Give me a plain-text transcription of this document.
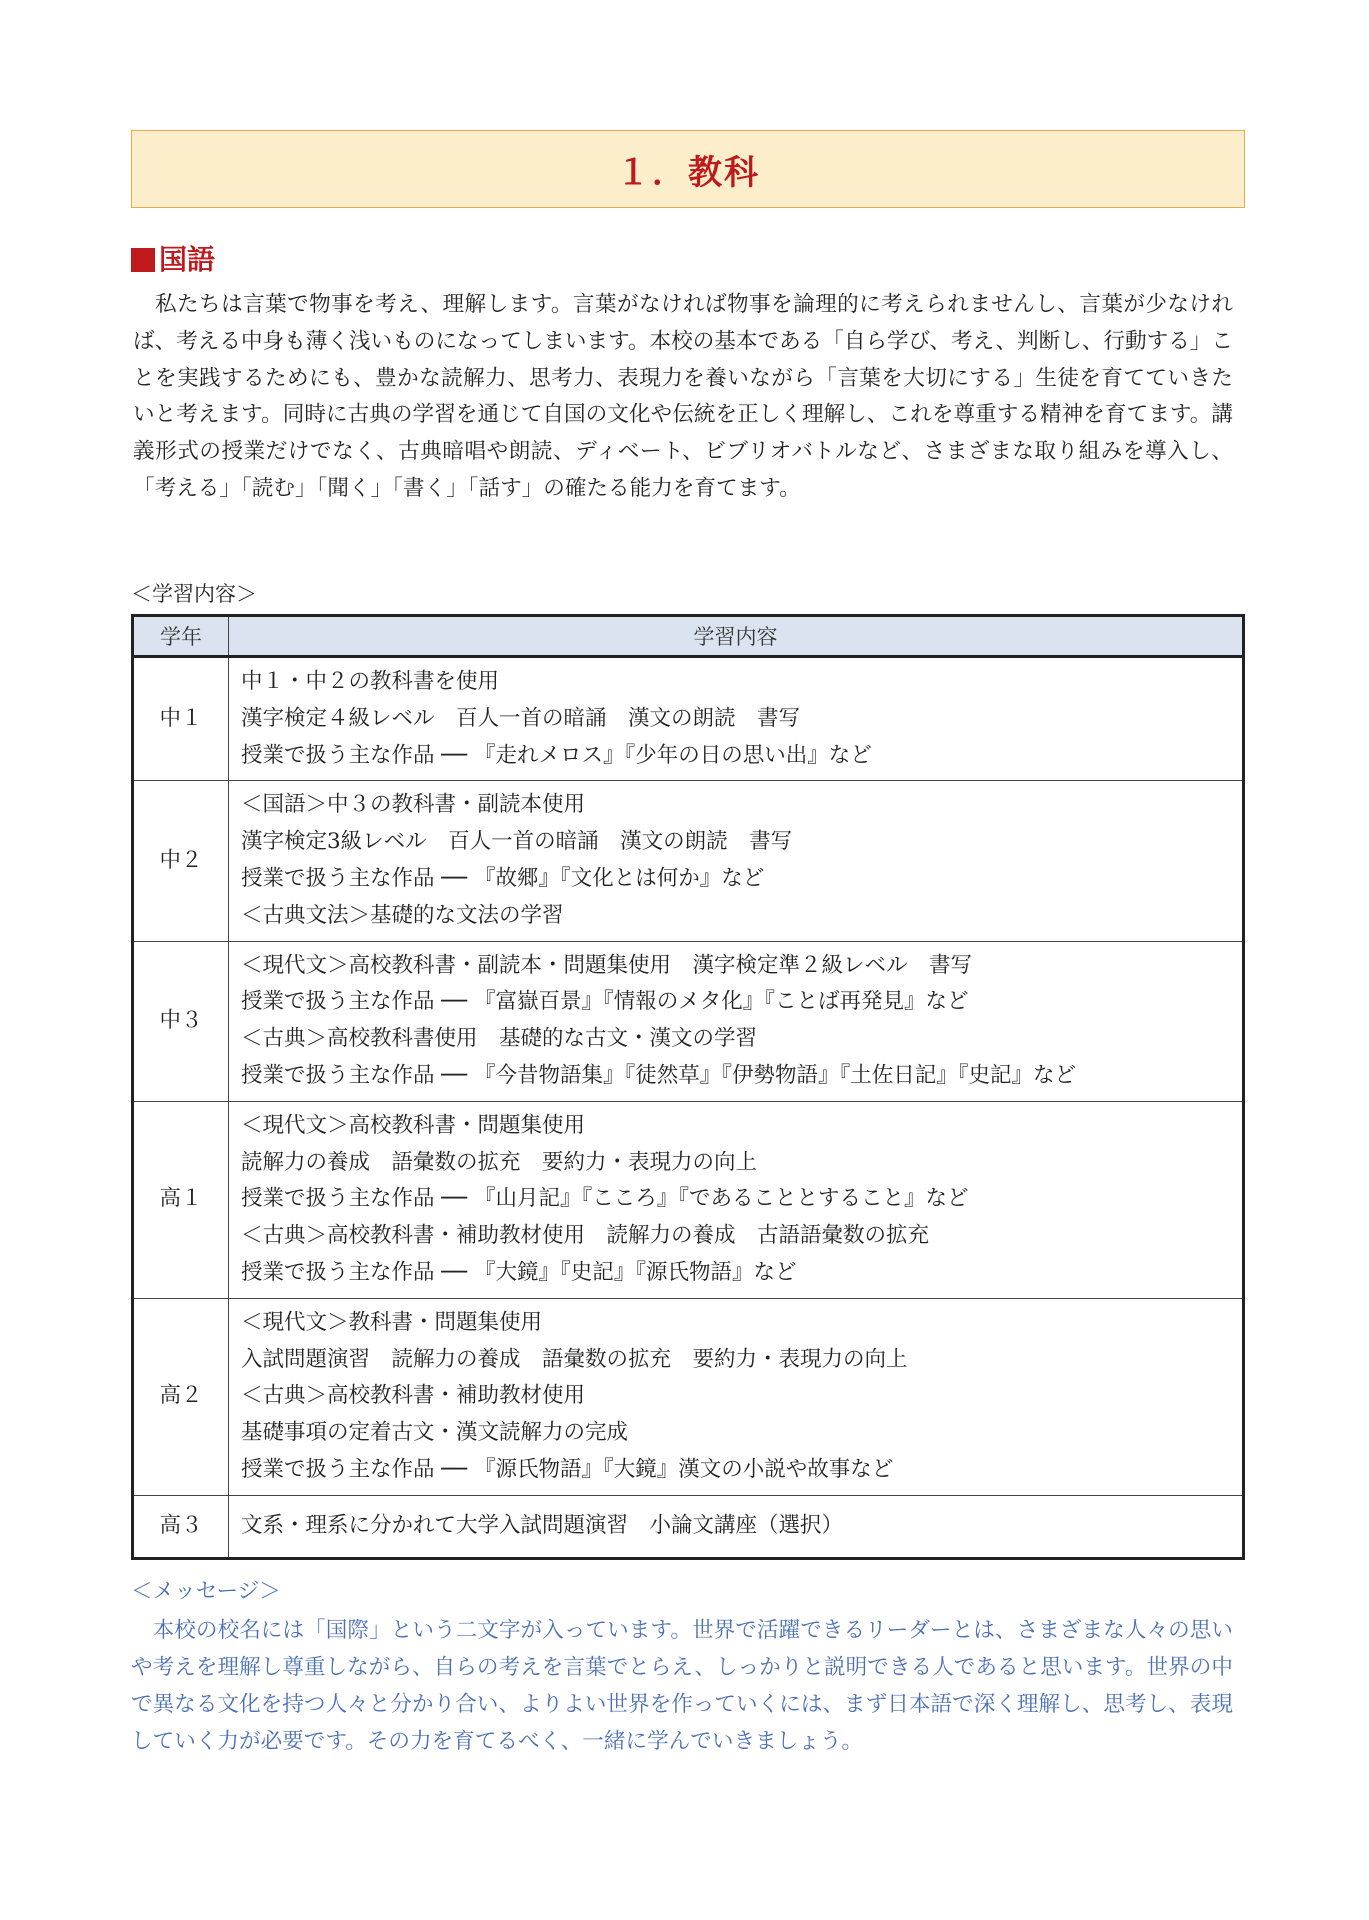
１．教科
国語
　私たちは言葉で物事を考え、理解します。言葉がなければ物事を論理的に考えられませんし、言葉が少なければ、考える中身も薄く浅いものになってしまいます。本校の基本である「自ら学び、考え、判断し、行動する」ことを実践するためにも、豊かな読解力、思考力、表現力を養いながら「言葉を大切にする」生徒を育てていきたいと考えます。同時に古典の学習を通じて自国の文化や伝統を正しく理解し、これを尊重する精神を育てます。講義形式の授業だけでなく、古典暗唱や朗読、ディベート、ビブリオバトルなど、さまざまな取り組みを導入し、「考える」「読む」「聞く」「書く」「話す」の確たる能力を育てます。
＜学習内容＞
学年	学習内容
中１	中１・中２の教科書を使用
漢字検定４級レベル　百人一首の暗誦　漢文の朗読　書写
授業で扱う主な作品 ── 『走れメロス』『少年の日の思い出』など

中２	＜国語＞中３の教科書・副読本使用
漢字検定3級レベル　百人一首の暗誦　漢文の朗読　書写
授業で扱う主な作品 ── 『故郷』『文化とは何か』など
＜古典文法＞基礎的な文法の学習

中３	＜現代文＞高校教科書・副読本・問題集使用　漢字検定準２級レベル　書写
授業で扱う主な作品 ── 『富嶽百景』『情報のメタ化』『ことば再発見』など
＜古典＞高校教科書使用　基礎的な古文・漢文の学習
授業で扱う主な作品 ── 『今昔物語集』『徒然草』『伊勢物語』『土佐日記』『史記』など

高１	＜現代文＞高校教科書・問題集使用
読解力の養成　語彙数の拡充　要約力・表現力の向上
授業で扱う主な作品 ── 『山月記』『こころ』『であることとすること』など
＜古典＞高校教科書・補助教材使用　読解力の養成　古語語彙数の拡充
授業で扱う主な作品 ── 『大鏡』『史記』『源氏物語』など

高２	＜現代文＞教科書・問題集使用
入試問題演習　読解力の養成　語彙数の拡充　要約力・表現力の向上
＜古典＞高校教科書・補助教材使用
基礎事項の定着古文・漢文読解力の完成
授業で扱う主な作品 ── 『源氏物語』『大鏡』漢文の小説や故事など

高３	文系・理系に分かれて大学入試問題演習　小論文講座（選択）
＜メッセージ＞
　本校の校名には「国際」という二文字が入っています。世界で活躍できるリーダーとは、さまざまな人々の思いや考えを理解し尊重しながら、自らの考えを言葉でとらえ、しっかりと説明できる人であると思います。世界の中で異なる文化を持つ人々と分かり合い、よりよい世界を作っていくには、まず日本語で深く理解し、思考し、表現していく力が必要です。その力を育てるべく、一緒に学んでいきましょう。
